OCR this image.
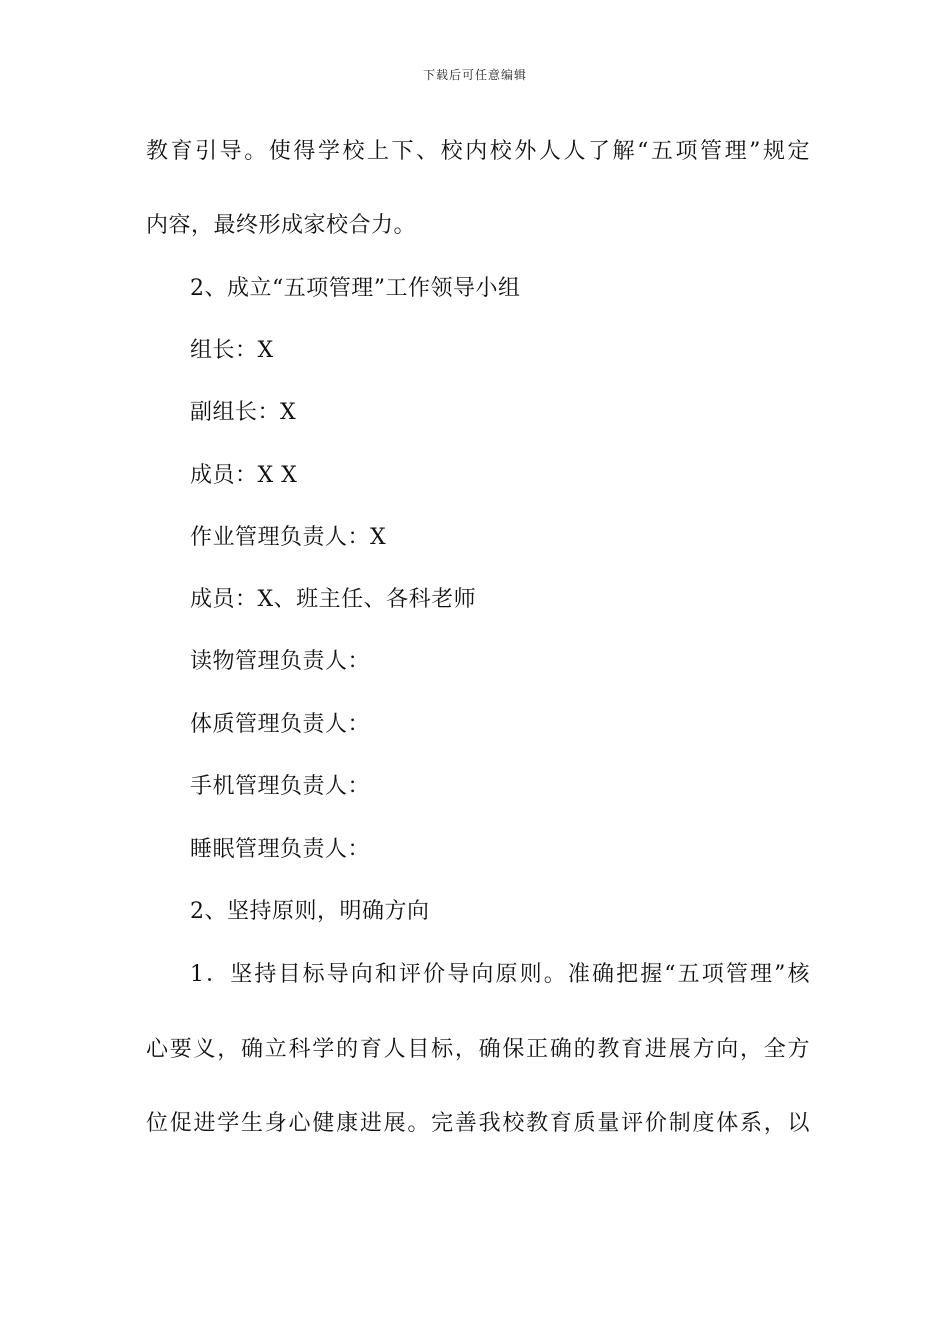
下载后可任意编辑
教育引导。使得学校上下、校内校外人人了解“五项管理”规定
内容，最终形成家校合力。
2、成立“五项管理”工作领导小组
组长：X
副组长：X
成员：X X
作业管理负责人：X
成员：X、班主任、各科老师
读物管理负责人：
体质管理负责人：
手机管理负责人：
睡眠管理负责人：
2、坚持原则，明确方向
1．坚持目标导向和评价导向原则。准确把握“五项管理”核
心要义，确立科学的育人目标，确保正确的教育进展方向，全方
位促进学生身心健康进展。完善我校教育质量评价制度体系，以
